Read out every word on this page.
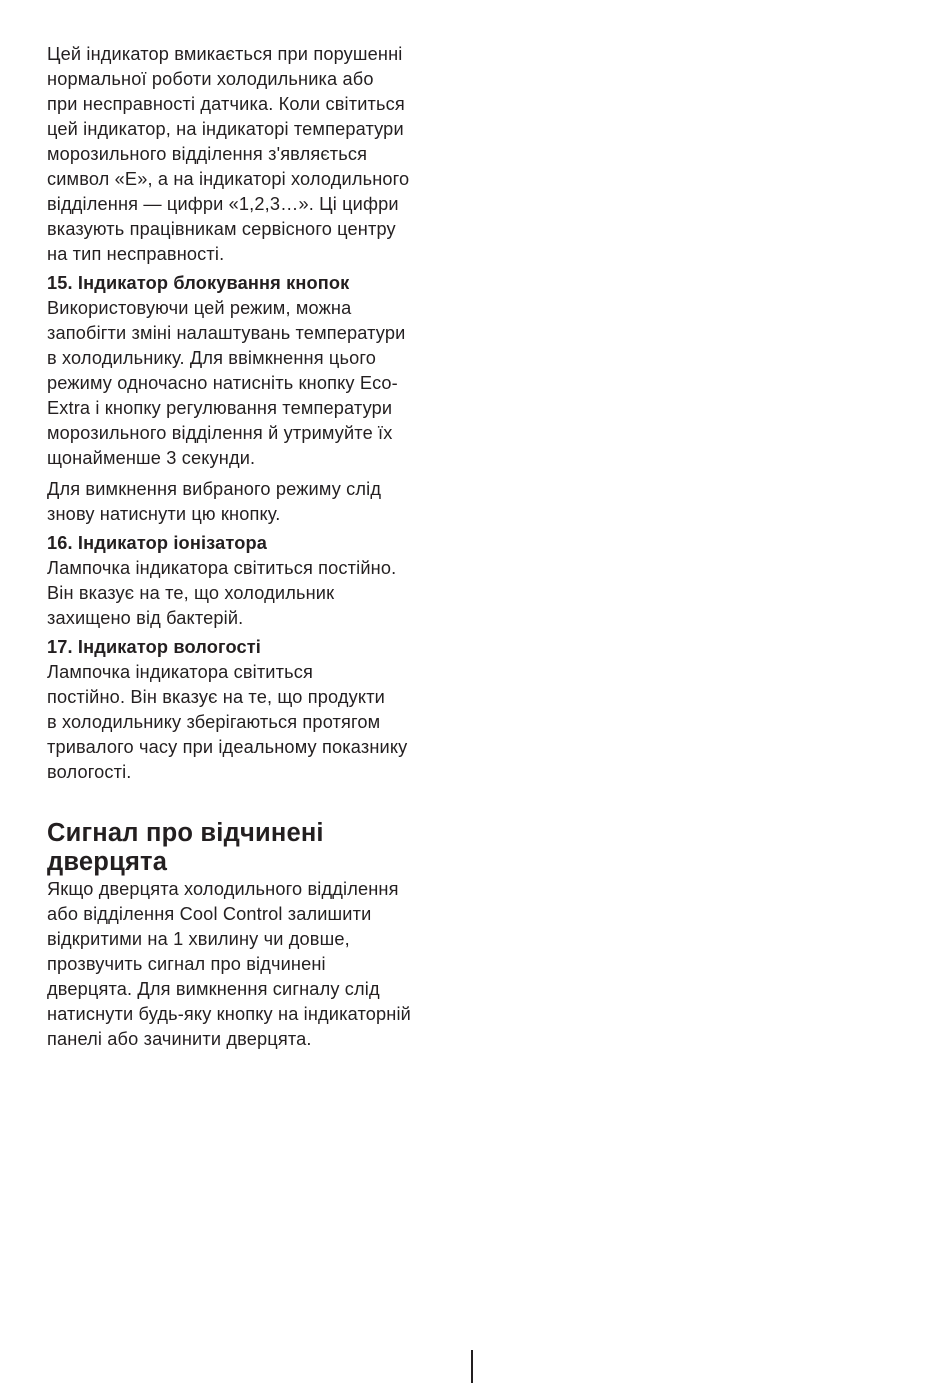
Цей індикатор вмикається при порушенні
нормальної роботи холодильника або
при несправності датчика. Коли світиться
цей індикатор, на індикаторі температури
морозильного відділення з'являється
символ «E», а на індикаторі холодильного
відділення — цифри «1,2,3…». Ці цифри
вказують працівникам сервісного центру
на тип несправності.

15. Індикатор блокування кнопок

Використовуючи цей режим, можна
запобігти зміні налаштувань температури
в холодильнику. Для ввімкнення цього
режиму одночасно натисніть кнопку Eco-
Extra і кнопку регулювання температури
морозильного відділення й утримуйте їх
щонайменше 3 секунди.

Для вимкнення вибраного режиму слід
знову натиснути цю кнопку.

16. Індикатор іонізатора

Лампочка індикатора світиться постійно.
Він вказує на те, що холодильник
захищено від бактерій.

17. Індикатор вологості

Лампочка індикатора світиться
постійно. Він вказує на те, що продукти
в холодильнику зберігаються протягом
тривалого часу при ідеальному показнику
вологості.

Сигнал про відчинені
дверцята

Якщо дверцята холодильного відділення
або відділення Cool Control залишити
відкритими на 1 хвилину чи довше,
прозвучить сигнал про відчинені
дверцята. Для вимкнення сигналу слід
натиснути будь-яку кнопку на індикаторній
панелі або зачинити дверцята.
